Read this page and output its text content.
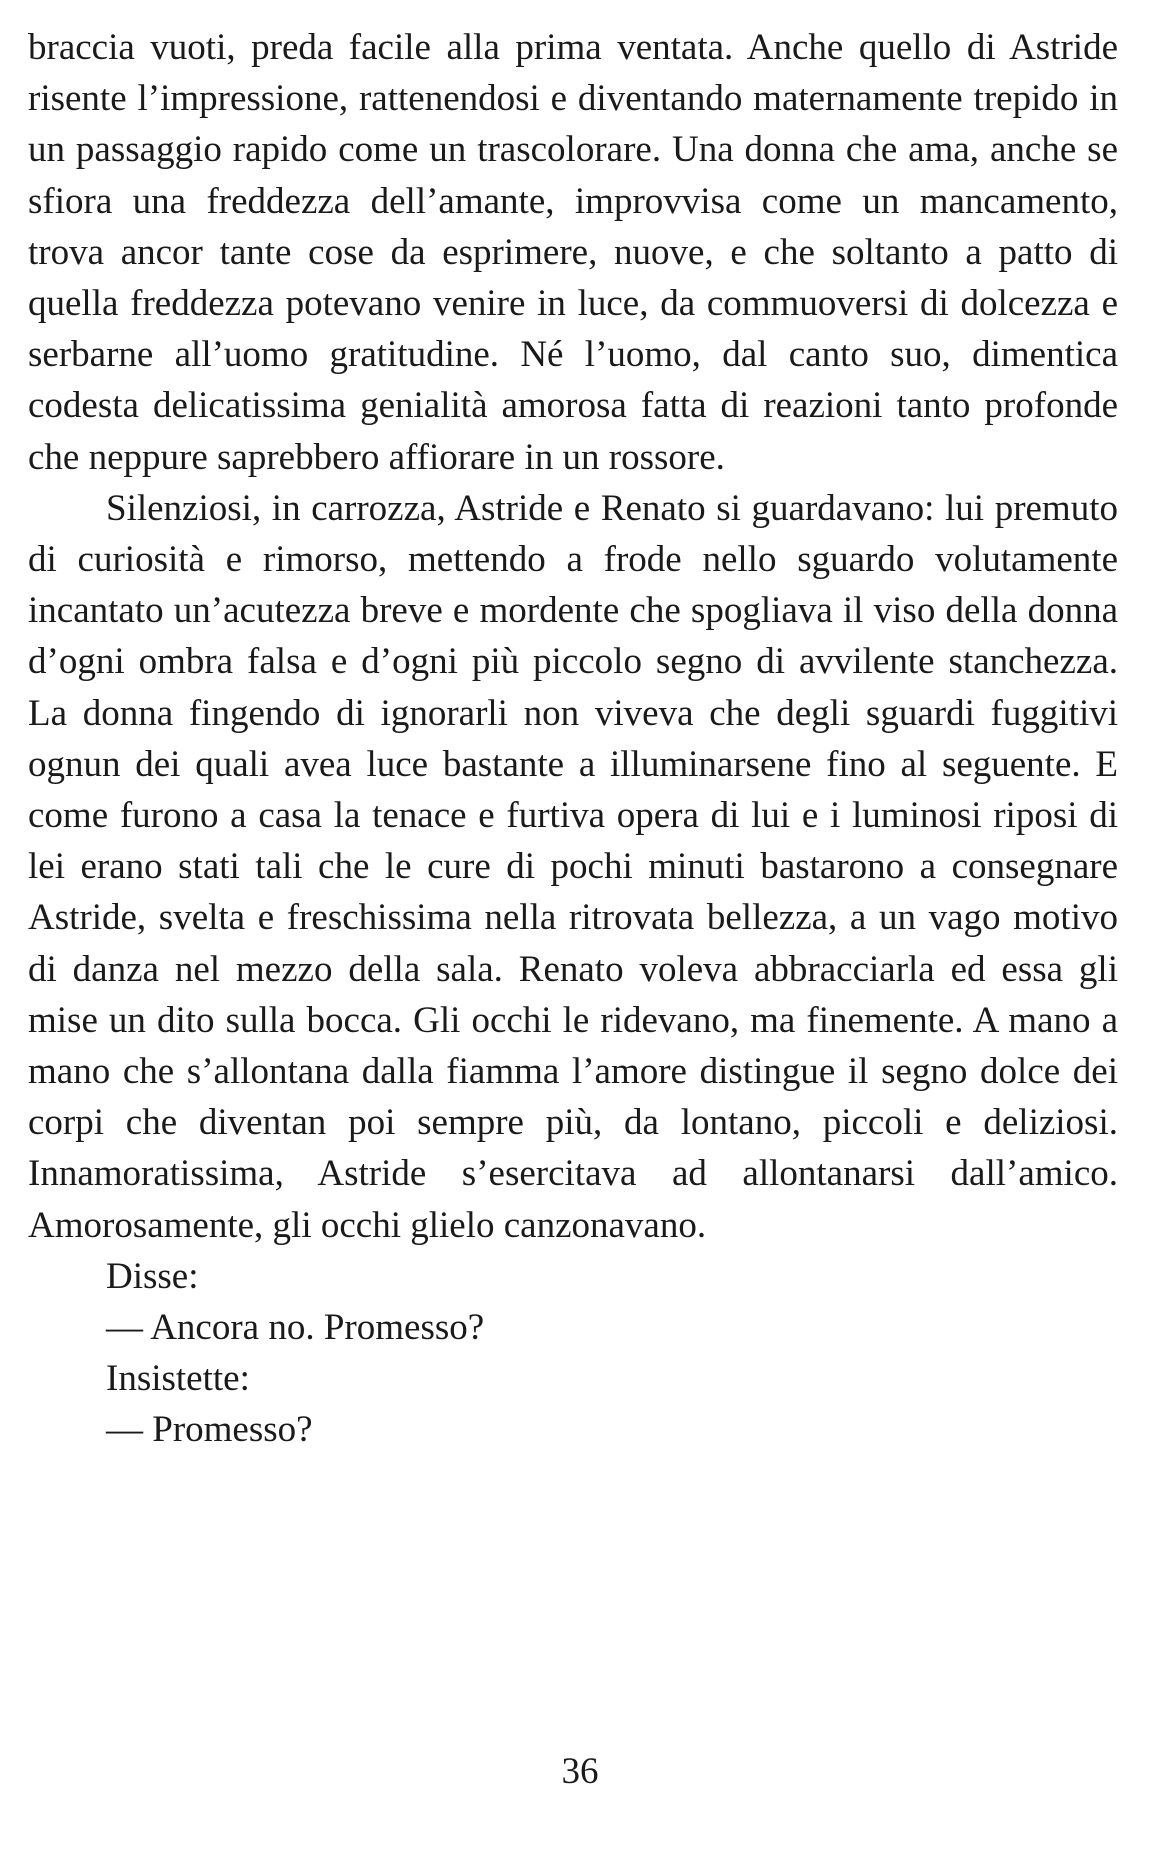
braccia vuoti, preda facile alla prima ventata. Anche quello di Astride risente l’impressione, rattenendosi e diventando maternamente trepido in un passaggio rapido come un trascolorare. Una donna che ama, anche se sfiora una freddezza dell’amante, improvvisa come un mancamento, trova ancor tante cose da esprimere, nuove, e che soltanto a patto di quella freddezza potevano venire in luce, da commuoversi di dolcezza e serbarne all’uomo gratitudine. Né l’uomo, dal canto suo, dimentica codesta delicatissima genialità amorosa fatta di reazioni tanto profonde che neppure saprebbero affiorare in un rossore.

Silenziosi, in carrozza, Astride e Renato si guardavano: lui premuto di curiosità e rimorso, mettendo a frode nello sguardo volutamente incantato un’acutezza breve e mordente che spogliava il viso della donna d’ogni ombra falsa e d’ogni più piccolo segno di avvilente stanchezza. La donna fingendo di ignorarli non viveva che degli sguardi fuggitivi ognun dei quali avea luce bastante a illuminarsene fino al seguente. E come furono a casa la tenace e furtiva opera di lui e i luminosi riposi di lei erano stati tali che le cure di pochi minuti bastarono a consegnare Astride, svelta e freschissima nella ritrovata bellezza, a un vago motivo di danza nel mezzo della sala. Renato voleva abbracciarla ed essa gli mise un dito sulla bocca. Gli occhi le ridevano, ma finemente. A mano a mano che s’allontana dalla fiamma l’amore distingue il segno dolce dei corpi che diventan poi sempre più, da lontano, piccoli e deliziosi. Innamoratissima, Astride s’esercitava ad allontanarsi dall’amico. Amorosamente, gli occhi glielo canzonavano.

Disse:

— Ancora no. Promesso?

Insistette:

— Promesso?

36
